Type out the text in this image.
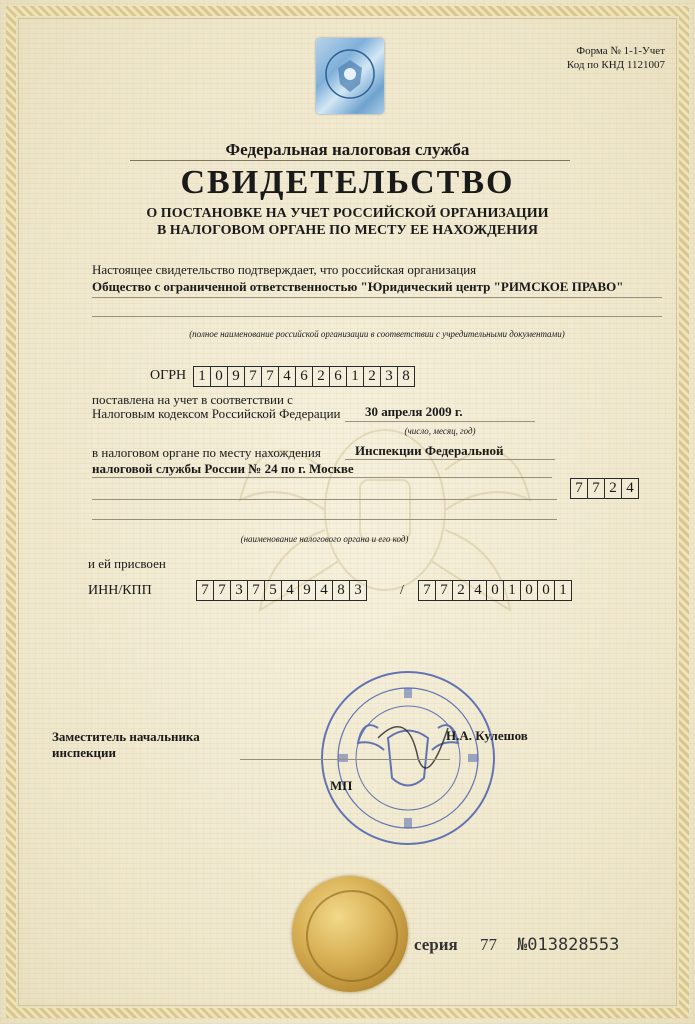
Форма № 1-1-Учет
Код по КНД 1121007
Федеральная налоговая служба
СВИДЕТЕЛЬСТВО
О ПОСТАНОВКЕ НА УЧЕТ РОССИЙСКОЙ ОРГАНИЗАЦИИ
В НАЛОГОВОМ ОРГАНЕ ПО МЕСТУ ЕЕ НАХОЖДЕНИЯ
Настоящее свидетельство подтверждает, что российская организация
Общество с ограниченной ответственностью "Юридический центр "РИМСКОЕ ПРАВО"
(полное наименование российской организации в соответствии с учредительными документами)
ОГРН 1 0 9 7 7 4 6 2 6 1 2 3 8
поставлена на учет в соответствии с
Налоговым кодексом Российской Федерации 30 апреля 2009 г.
(число, месяц, год)
в налоговом органе по месту нахождения	Инспекции Федеральной
налоговой службы России № 24 по г. Москве
7 7 2 4
(наименование налогового органа и его код)
и ей присвоен
ИНН/КПП	7 7 3 7 5 4 9 4 8 3	/	7 7 2 4 0 1 0 0 1
Заместитель начальника
инспекции
Н.А. Кулешов
МП
серия 77 №013828553
